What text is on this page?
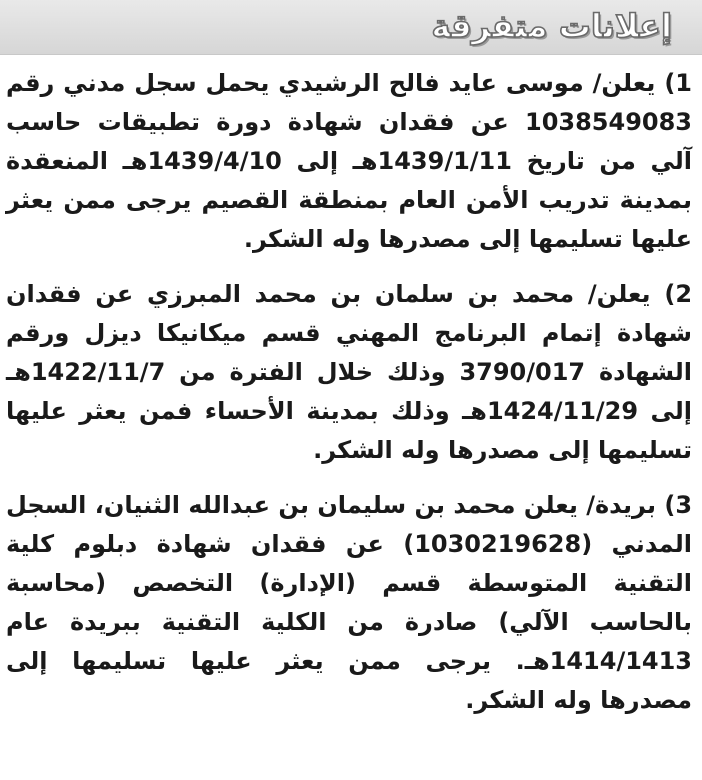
إعلانات متفرقة

1) يعلن/ موسى عايد فالح الرشيدي يحمل سجل مدني رقم 1038549083 عن فقدان شهادة دورة تطبيقات حاسب آلي من تاريخ 1439/1/11هـ إلى 1439/4/10هـ المنعقدة بمدينة تدريب الأمن العام بمنطقة القصيم يرجى ممن يعثر عليها تسليمها إلى مصدرها وله الشكر.

2) يعلن/ محمد بن سلمان بن محمد المبرزي عن فقدان شهادة إتمام البرنامج المهني قسم ميكانيكا ديزل ورقم الشهادة 3790/017 وذلك خلال الفترة من 1422/11/7هـ إلى 1424/11/29هـ وذلك بمدينة الأحساء فمن يعثر عليها تسليمها إلى مصدرها وله الشكر.

3) بريدة/ يعلن محمد بن سليمان بن عبدالله الثنيان، السجل المدني (1030219628) عن فقدان شهادة دبلوم كلية التقنية المتوسطة قسم (الإدارة) التخصص (محاسبة بالحاسب الآلي) صادرة من الكلية التقنية ببريدة عام 1414/1413هـ. يرجى ممن يعثر عليها تسليمها إلى مصدرها وله الشكر.
